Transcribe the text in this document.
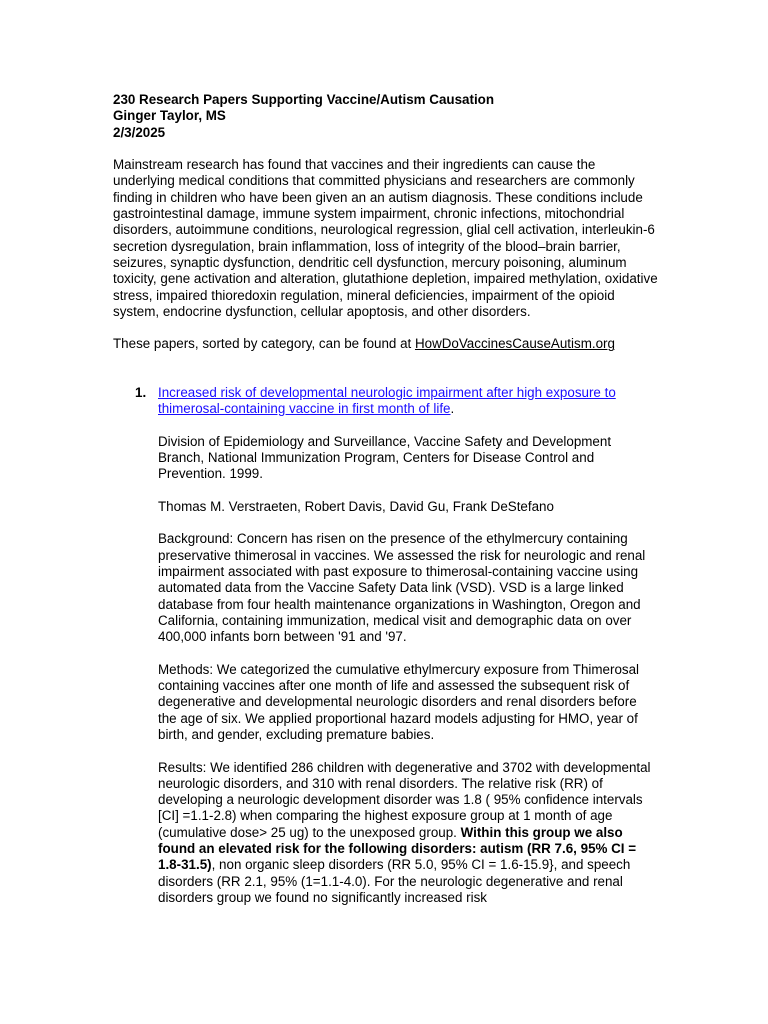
230 Research Papers Supporting Vaccine/Autism Causation
Ginger Taylor, MS
2/3/2025

Mainstream research has found that vaccines and their ingredients can cause the underlying medical conditions that committed physicians and researchers are commonly finding in children who have been given an an autism diagnosis. These conditions include gastrointestinal damage, immune system impairment, chronic infections, mitochondrial disorders, autoimmune conditions, neurological regression, glial cell activation, interleukin-6 secretion dysregulation, brain inflammation, loss of integrity of the blood–brain barrier, seizures, synaptic dysfunction, dendritic cell dysfunction, mercury poisoning, aluminum toxicity, gene activation and alteration, glutathione depletion, impaired methylation, oxidative stress, impaired thioredoxin regulation, mineral deficiencies, impairment of the opioid system, endocrine dysfunction, cellular apoptosis, and other disorders.

These papers, sorted by category, can be found at HowDoVaccinesCauseAutism.org

1. Increased risk of developmental neurologic impairment after high exposure to thimerosal-containing vaccine in first month of life.

Division of Epidemiology and Surveillance, Vaccine Safety and Development Branch, National Immunization Program, Centers for Disease Control and Prevention. 1999.

Thomas M. Verstraeten, Robert Davis, David Gu, Frank DeStefano

Background: Concern has risen on the presence of the ethylmercury containing preservative thimerosal in vaccines. We assessed the risk for neurologic and renal impairment associated with past exposure to thimerosal-containing vaccine using automated data from the Vaccine Safety Data link (VSD). VSD is a large linked database from four health maintenance organizations in Washington, Oregon and California, containing immunization, medical visit and demographic data on over 400,000 infants born between '91 and '97.

Methods: We categorized the cumulative ethylmercury exposure from Thimerosal containing vaccines after one month of life and assessed the subsequent risk of degenerative and developmental neurologic disorders and renal disorders before the age of six. We applied proportional hazard models adjusting for HMO, year of birth, and gender, excluding premature babies.

Results: We identified 286 children with degenerative and 3702 with developmental neurologic disorders, and 310 with renal disorders. The relative risk (RR) of developing a neurologic development disorder was 1.8 ( 95% confidence intervals [CI] =1.1-2.8) when comparing the highest exposure group at 1 month of age (cumulative dose> 25 ug) to the unexposed group. Within this group we also found an elevated risk for the following disorders: autism (RR 7.6, 95% CI = 1.8-31.5), non organic sleep disorders (RR 5.0, 95% CI = 1.6-15.9}, and speech disorders (RR 2.1, 95% (1=1.1-4.0). For the neurologic degenerative and renal disorders group we found no significantly increased risk
